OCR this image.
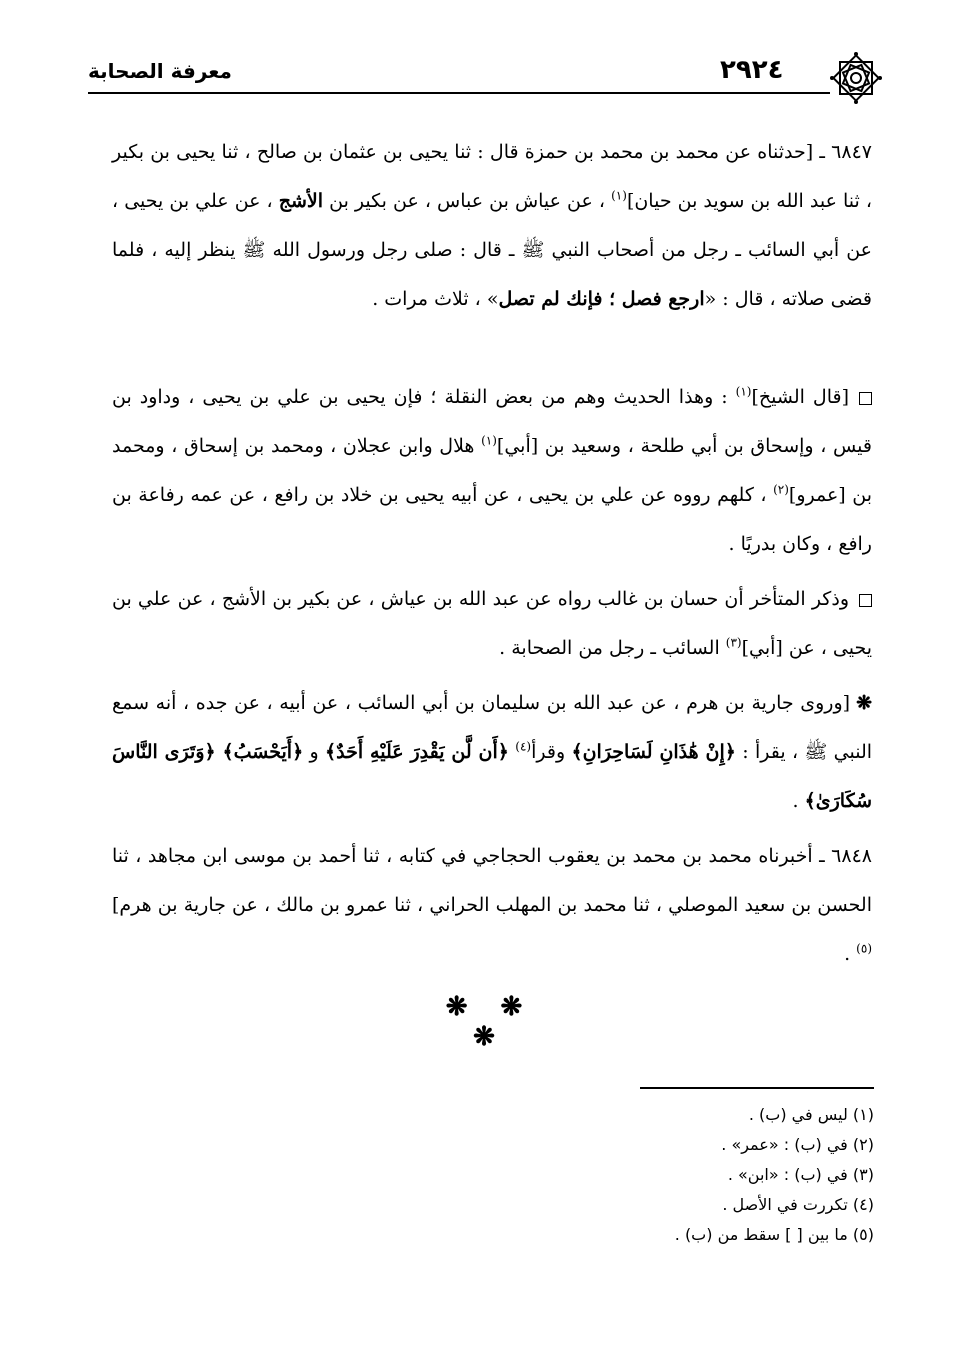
معرفة الصحابة	٢٩٢٤
٦٨٤٧ ـ [حدثناه عن محمد بن محمد بن حمزة قال : ثنا يحيى بن عثمان بن صالح ، ثنا يحيى بن بكير ، ثنا عبد الله بن سويد بن حيان]$^{(١)}$ ، عن عياش بن عباس ، عن بكير بن الأشج ، عن علي بن يحيى ، عن أبي السائب ـ رجل من أصحاب النبي ﷺ ـ قال : صلى رجل ورسول الله ﷺ ينظر إليه ، فلما قضى صلاته ، قال : «ارجع فصل ؛ فإنك لم تصل» ، ثلاث مرات .
[قال الشيخ]$^{(١)}$ : وهذا الحديث وهم من بعض النقلة ؛ فإن يحيى بن علي بن يحيى ، وداود بن قيس ، وإسحاق بن أبي طلحة ، وسعيد بن [أبي]$^{(١)}$ هلال وابن عجلان ، ومحمد بن إسحاق ، ومحمد بن [عمرو]$^{(٢)}$ ، كلهم رووه عن علي بن يحيى ، عن أبيه يحيى بن خلاد بن رافع ، عن عمه رفاعة بن رافع ، وكان بدريًا .
وذكر المتأخر أن حسان بن غالب رواه عن عبد الله بن عياش ، عن بكير بن الأشج ، عن علي بن يحيى ، عن [أبي]$^{(٣)}$ السائب ـ رجل من الصحابة .
❋[وروى جارية بن هرم ، عن عبد الله بن سليمان بن أبي السائب ، عن أبيه ، عن جده ، أنه سمع النبي ﷺ ، يقرأ : ﴿إِنْ هَٰذَانِ لَسَاحِرَانِ﴾ وقرأ$^{(٤)}$ ﴿أَن لَّن يَقْدِرَ عَلَيْهِ أَحَدٌ﴾ و ﴿أَيَحْسَبُ﴾ ﴿وَتَرَى النَّاسَ سُكَارَىٰ﴾ .
٦٨٤٨ ـ أخبرناه محمد بن محمد بن يعقوب الحجاجي في كتابه ، ثنا أحمد بن موسى ابن مجاهد ، ثنا الحسن بن سعيد الموصلي ، ثنا محمد بن المهلب الحراني ، ثنا عمرو بن مالك ، عن جارية بن هرم]$^{(٥)}$ .
❋ ❋ ❋
(١) ليس في (ب) .
(٢) في (ب) : «عمر» .
(٣) في (ب) : «ابن» .
(٤) تكررت في الأصل .
(٥) ما بين [ ] سقط من (ب) .
